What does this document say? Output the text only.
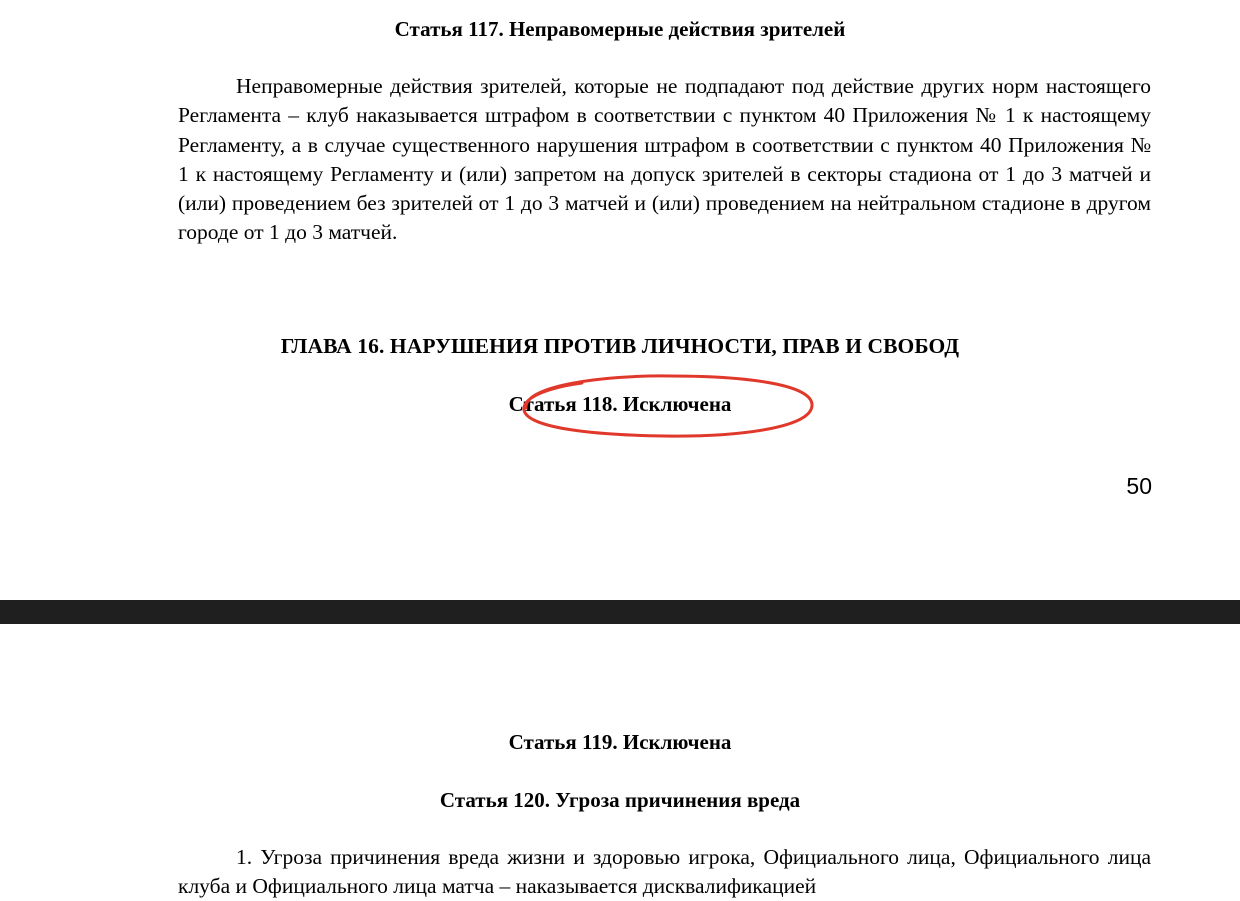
Статья 117. Неправомерные действия зрителей
Неправомерные действия зрителей, которые не подпадают под действие других норм настоящего Регламента – клуб наказывается штрафом в соответствии с пунктом 40 Приложения № 1 к настоящему Регламенту, а в случае существенного нарушения штрафом в соответствии с пунктом 40 Приложения № 1 к настоящему Регламенту и (или) запретом на допуск зрителей в секторы стадиона от 1 до 3 матчей и (или) проведением без зрителей от 1 до 3 матчей и (или) проведением на нейтральном стадионе в другом городе от 1 до 3 матчей.
ГЛАВА 16. НАРУШЕНИЯ ПРОТИВ ЛИЧНОСТИ, ПРАВ И СВОБОД
Статья 118. Исключена
50
Статья 119. Исключена
Статья 120. Угроза причинения вреда
1. Угроза причинения вреда жизни и здоровью игрока, Официального лица, Официального лица клуба и Официального лица матча – наказывается дисквалификацией
